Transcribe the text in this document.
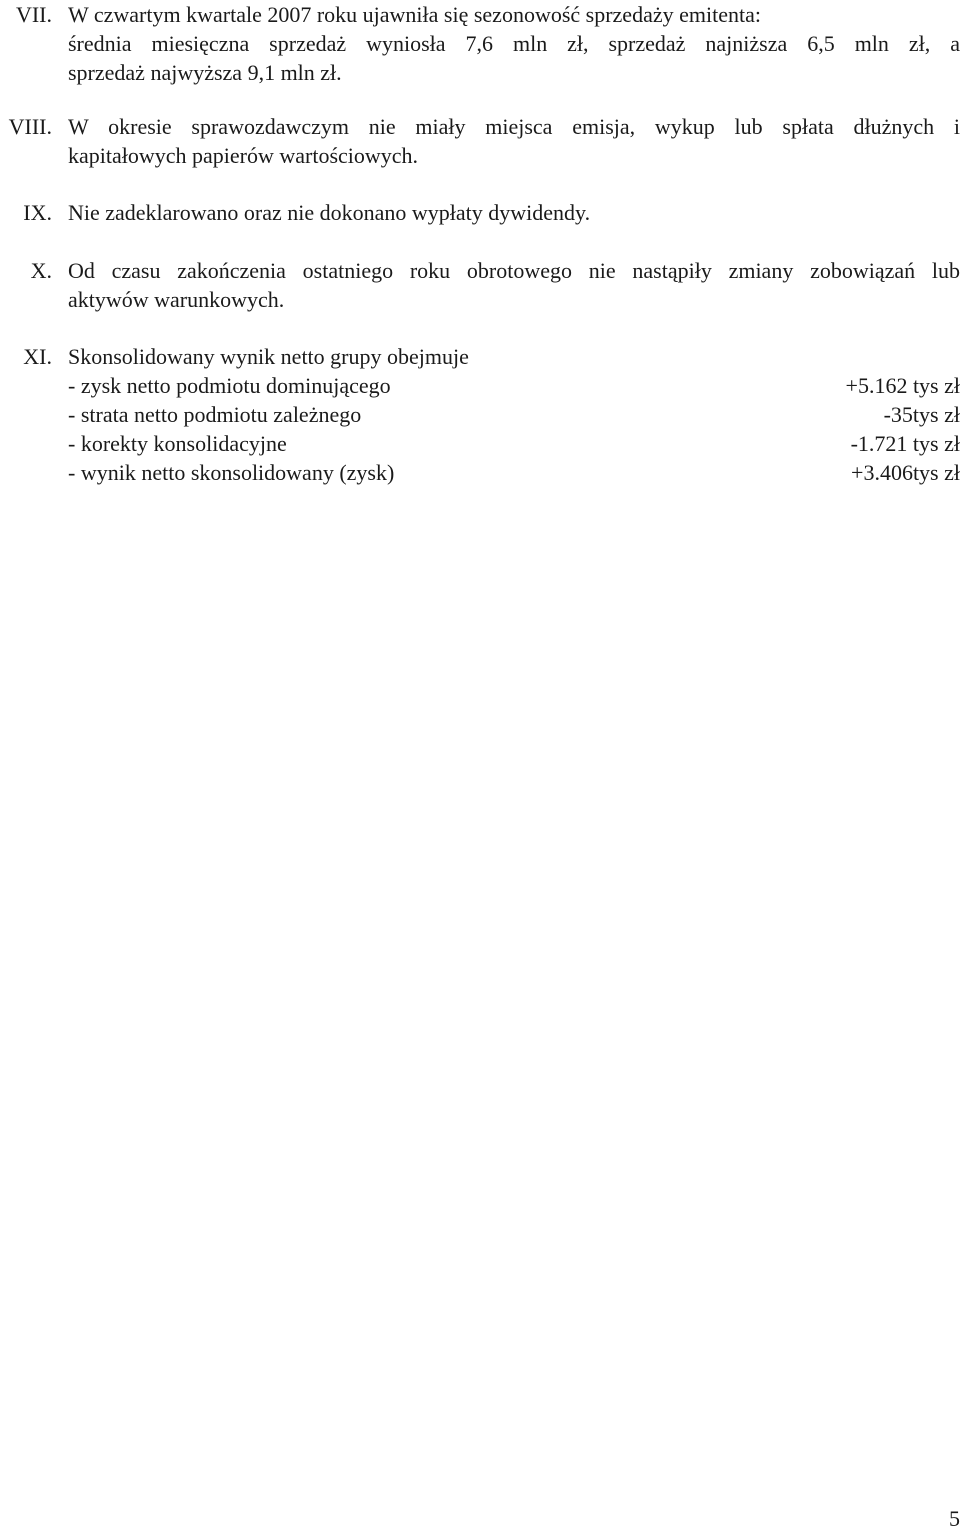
VII. W czwartym kwartale 2007 roku ujawniła się sezonowość sprzedaży emitenta:
średnia miesięczna sprzedaż wyniosła 7,6 mln zł, sprzedaż najniższa 6,5 mln zł, a
sprzedaż najwyższa 9,1 mln zł.
VIII. W okresie sprawozdawczym nie miały miejsca emisja, wykup lub spłata dłużnych i
kapitałowych papierów wartościowych.
IX. Nie zadeklarowano oraz nie dokonano wypłaty dywidendy.
X. Od czasu zakończenia ostatniego roku obrotowego nie nastąpiły zmiany zobowiązań lub
aktywów warunkowych.
XI. Skonsolidowany wynik netto grupy obejmuje
- zysk netto podmiotu dominującego	+5.162 tys zł
- strata netto podmiotu zależnego	-35tys zł
- korekty konsolidacyjne	-1.721 tys zł
- wynik netto skonsolidowany (zysk)	+3.406tys zł
5
